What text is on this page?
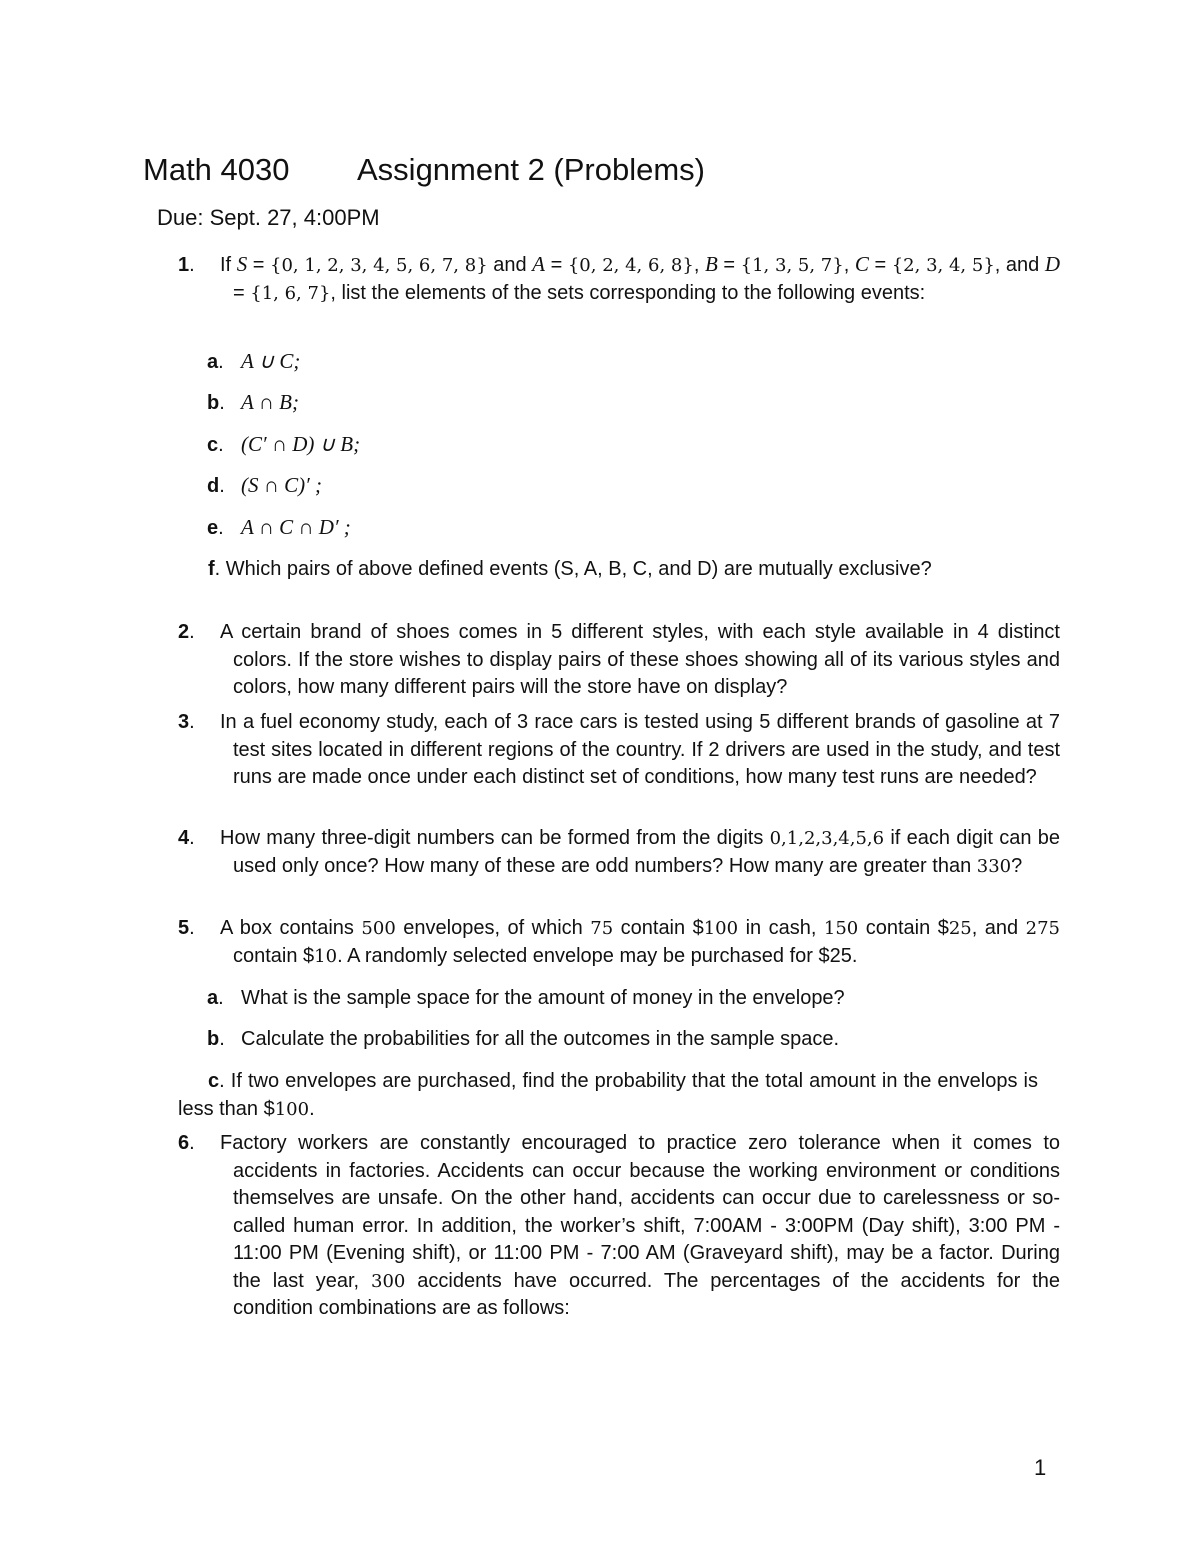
Math 4030 Assignment 2 (Problems)
Due: Sept. 27, 4:00PM
1. If S = {0, 1, 2, 3, 4, 5, 6, 7, 8} and A = {0, 2, 4, 6, 8}, B = {1, 3, 5, 7}, C = {2, 3, 4, 5}, and D = {1, 6, 7}, list the elements of the sets corresponding to the following events:
a. A ∪ C;
b. A ∩ B;
c. (C′ ∩ D) ∪ B;
d. (S ∩ C)′ ;
e. A ∩ C ∩ D′ ;
f. Which pairs of above defined events (S, A, B, C, and D) are mutually exclusive?
2. A certain brand of shoes comes in 5 different styles, with each style available in 4 distinct colors. If the store wishes to display pairs of these shoes showing all of its various styles and colors, how many different pairs will the store have on display?
3. In a fuel economy study, each of 3 race cars is tested using 5 different brands of gasoline at 7 test sites located in different regions of the country. If 2 drivers are used in the study, and test runs are made once under each distinct set of conditions, how many test runs are needed?
4. How many three-digit numbers can be formed from the digits 0,1,2,3,4,5,6 if each digit can be used only once? How many of these are odd numbers? How many are greater than 330?
5. A box contains 500 envelopes, of which 75 contain $100 in cash, 150 contain $25, and 275 contain $10. A randomly selected envelope may be purchased for $25.
a. What is the sample space for the amount of money in the envelope?
b. Calculate the probabilities for all the outcomes in the sample space.
c. If two envelopes are purchased, find the probability that the total amount in the envelops is less than $100.
6. Factory workers are constantly encouraged to practice zero tolerance when it comes to accidents in factories. Accidents can occur because the working environment or conditions themselves are unsafe. On the other hand, accidents can occur due to carelessness or so-called human error. In addition, the worker’s shift, 7:00AM - 3:00PM (Day shift), 3:00 PM - 11:00 PM (Evening shift), or 11:00 PM - 7:00 AM (Graveyard shift), may be a factor. During the last year, 300 accidents have occurred. The percentages of the accidents for the condition combinations are as follows:
1
